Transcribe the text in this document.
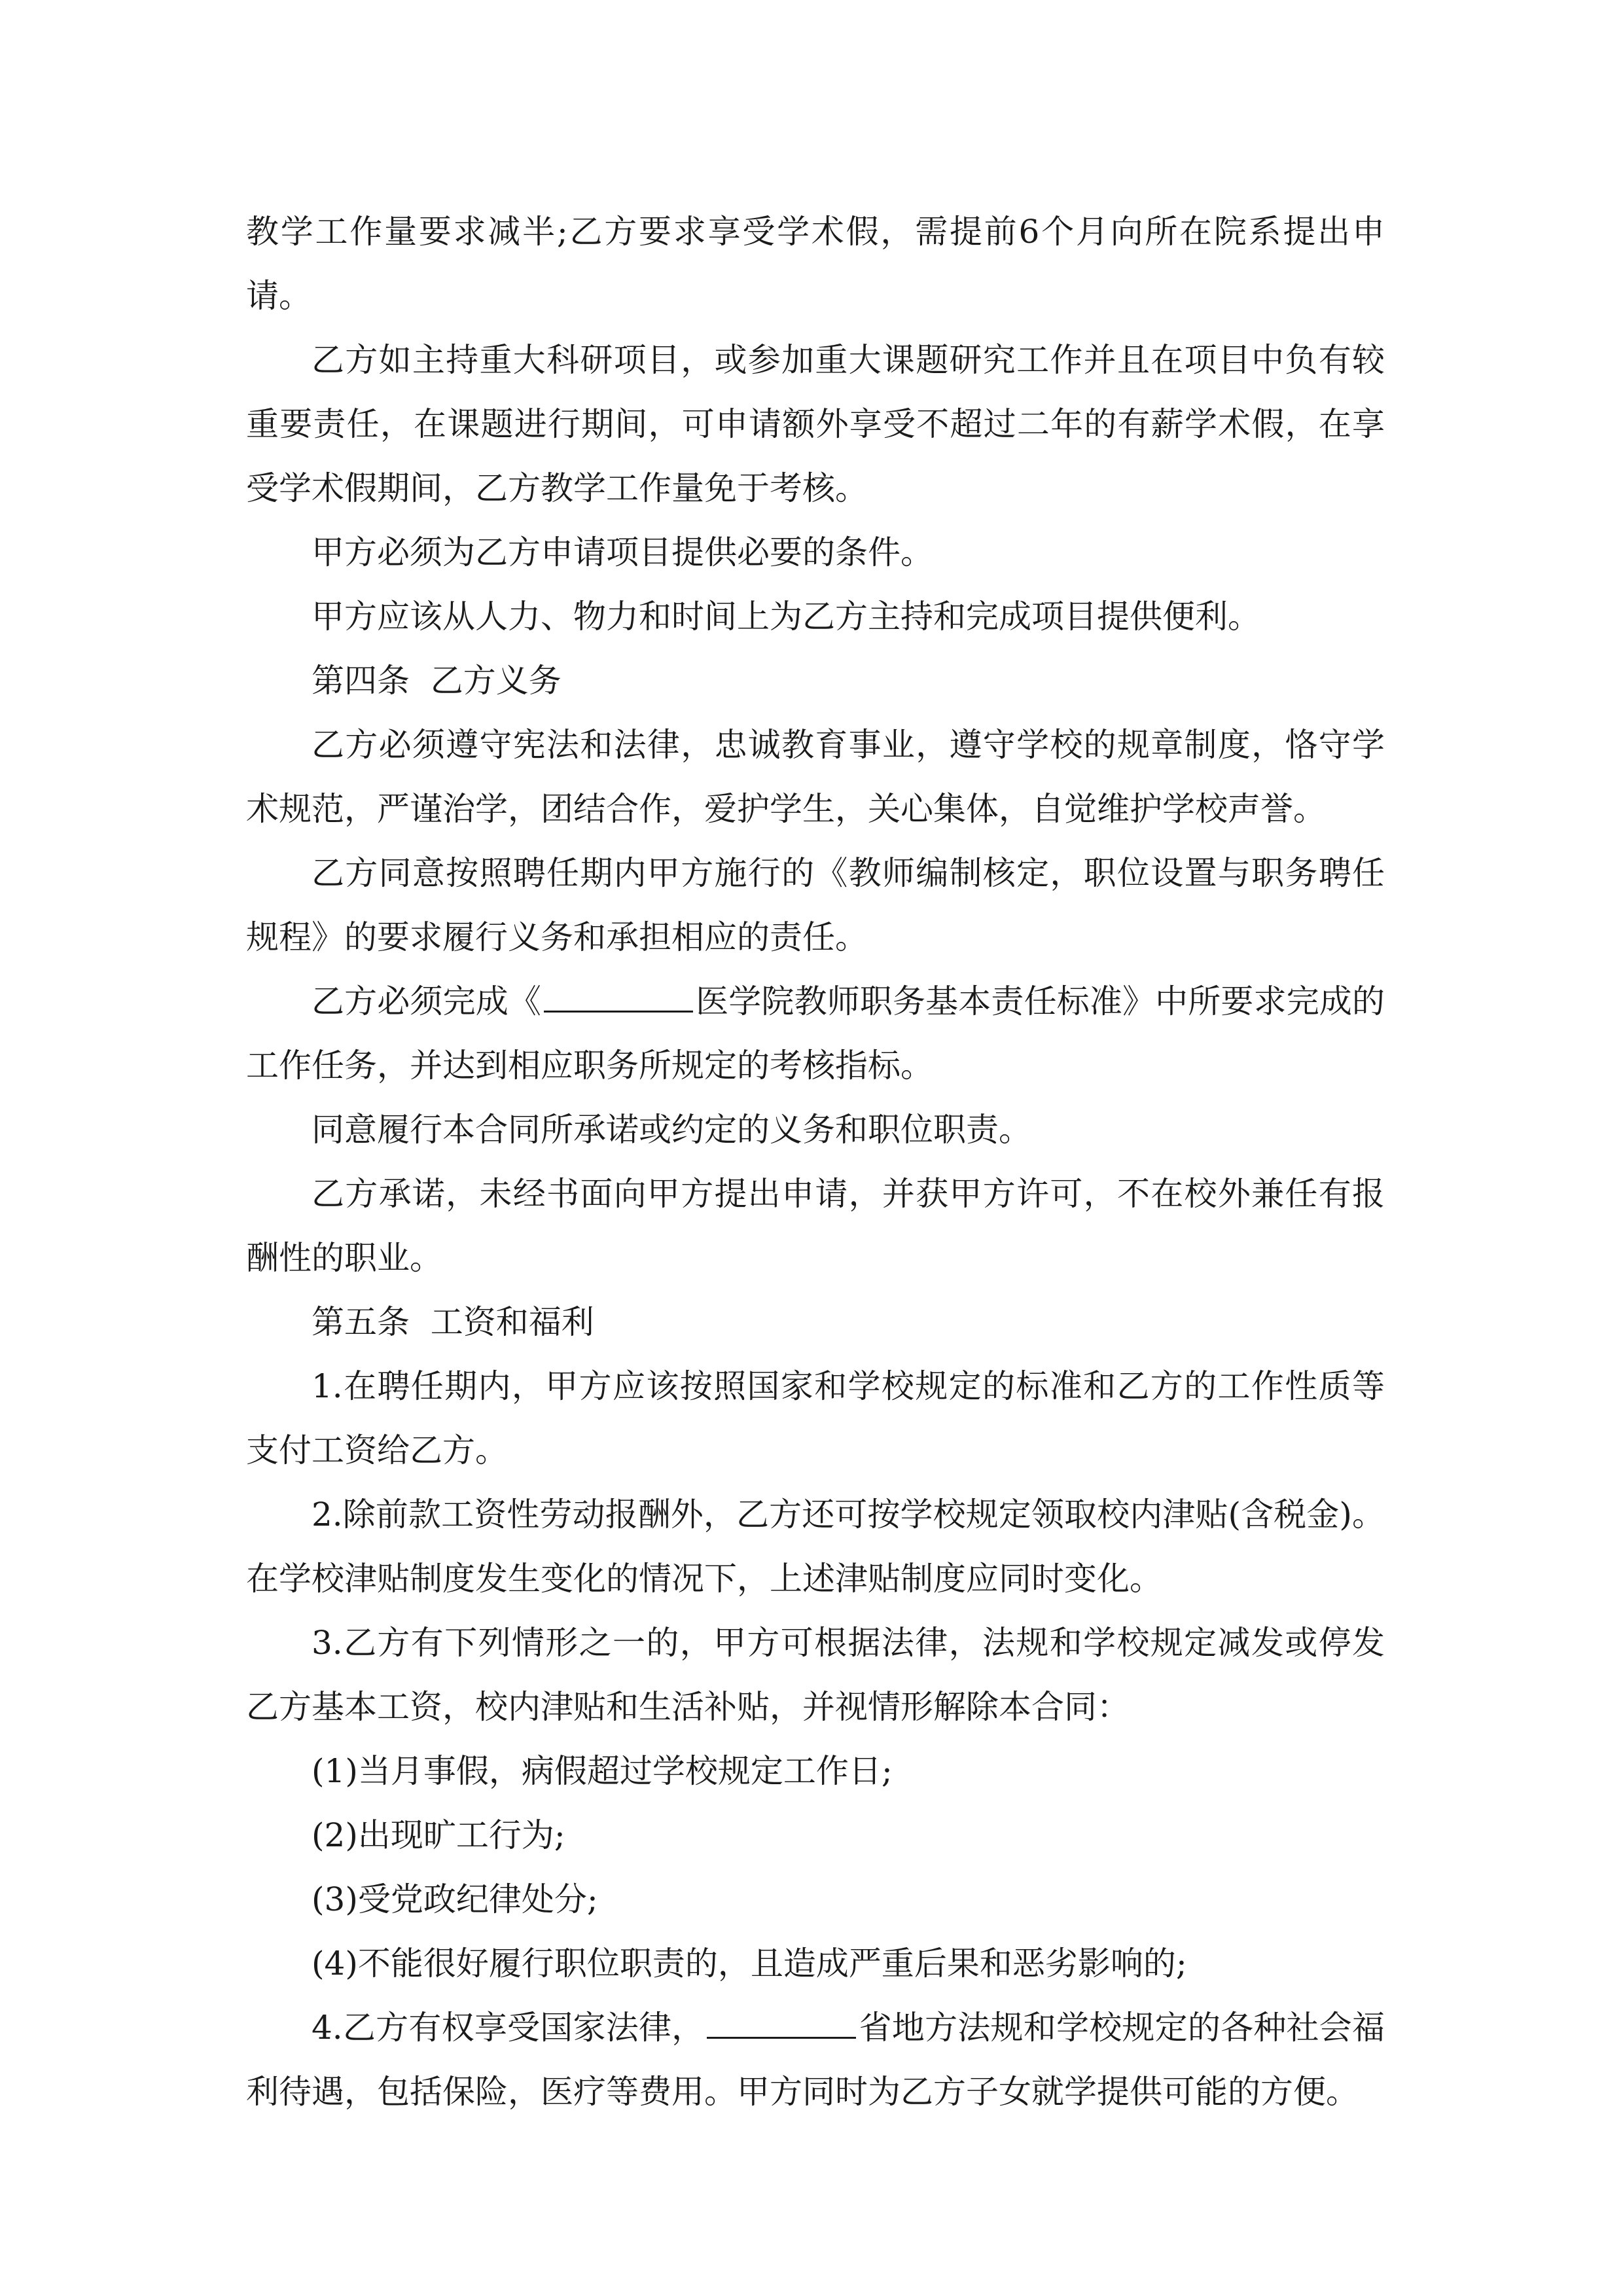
教学工作量要求减半;乙方要求享受学术假，需提前6个月向所在院系提出申请。

乙方如主持重大科研项目，或参加重大课题研究工作并且在项目中负有较重要责任，在课题进行期间，可申请额外享受不超过二年的有薪学术假，在享受学术假期间，乙方教学工作量免于考核。

甲方必须为乙方申请项目提供必要的条件。

甲方应该从人力、物力和时间上为乙方主持和完成项目提供便利。

第四条  乙方义务

乙方必须遵守宪法和法律，忠诚教育事业，遵守学校的规章制度，恪守学术规范，严谨治学，团结合作，爱护学生，关心集体，自觉维护学校声誉。

乙方同意按照聘任期内甲方施行的《教师编制核定，职位设置与职务聘任规程》的要求履行义务和承担相应的责任。

乙方必须完成《	医学院教师职务基本责任标准》中所要求完成的工作任务，并达到相应职务所规定的考核指标。

同意履行本合同所承诺或约定的义务和职位职责。

乙方承诺，未经书面向甲方提出申请，并获甲方许可，不在校外兼任有报酬性的职业。

第五条  工资和福利

1.在聘任期内，甲方应该按照国家和学校规定的标准和乙方的工作性质等支付工资给乙方。

2.除前款工资性劳动报酬外，乙方还可按学校规定领取校内津贴(含税金)。在学校津贴制度发生变化的情况下，上述津贴制度应同时变化。

3.乙方有下列情形之一的，甲方可根据法律，法规和学校规定减发或停发乙方基本工资，校内津贴和生活补贴，并视情形解除本合同：

(1)当月事假，病假超过学校规定工作日;

(2)出现旷工行为;

(3)受党政纪律处分;

(4)不能很好履行职位职责的，且造成严重后果和恶劣影响的;

4.乙方有权享受国家法律，	省地方法规和学校规定的各种社会福利待遇，包括保险，医疗等费用。甲方同时为乙方子女就学提供可能的方便。
